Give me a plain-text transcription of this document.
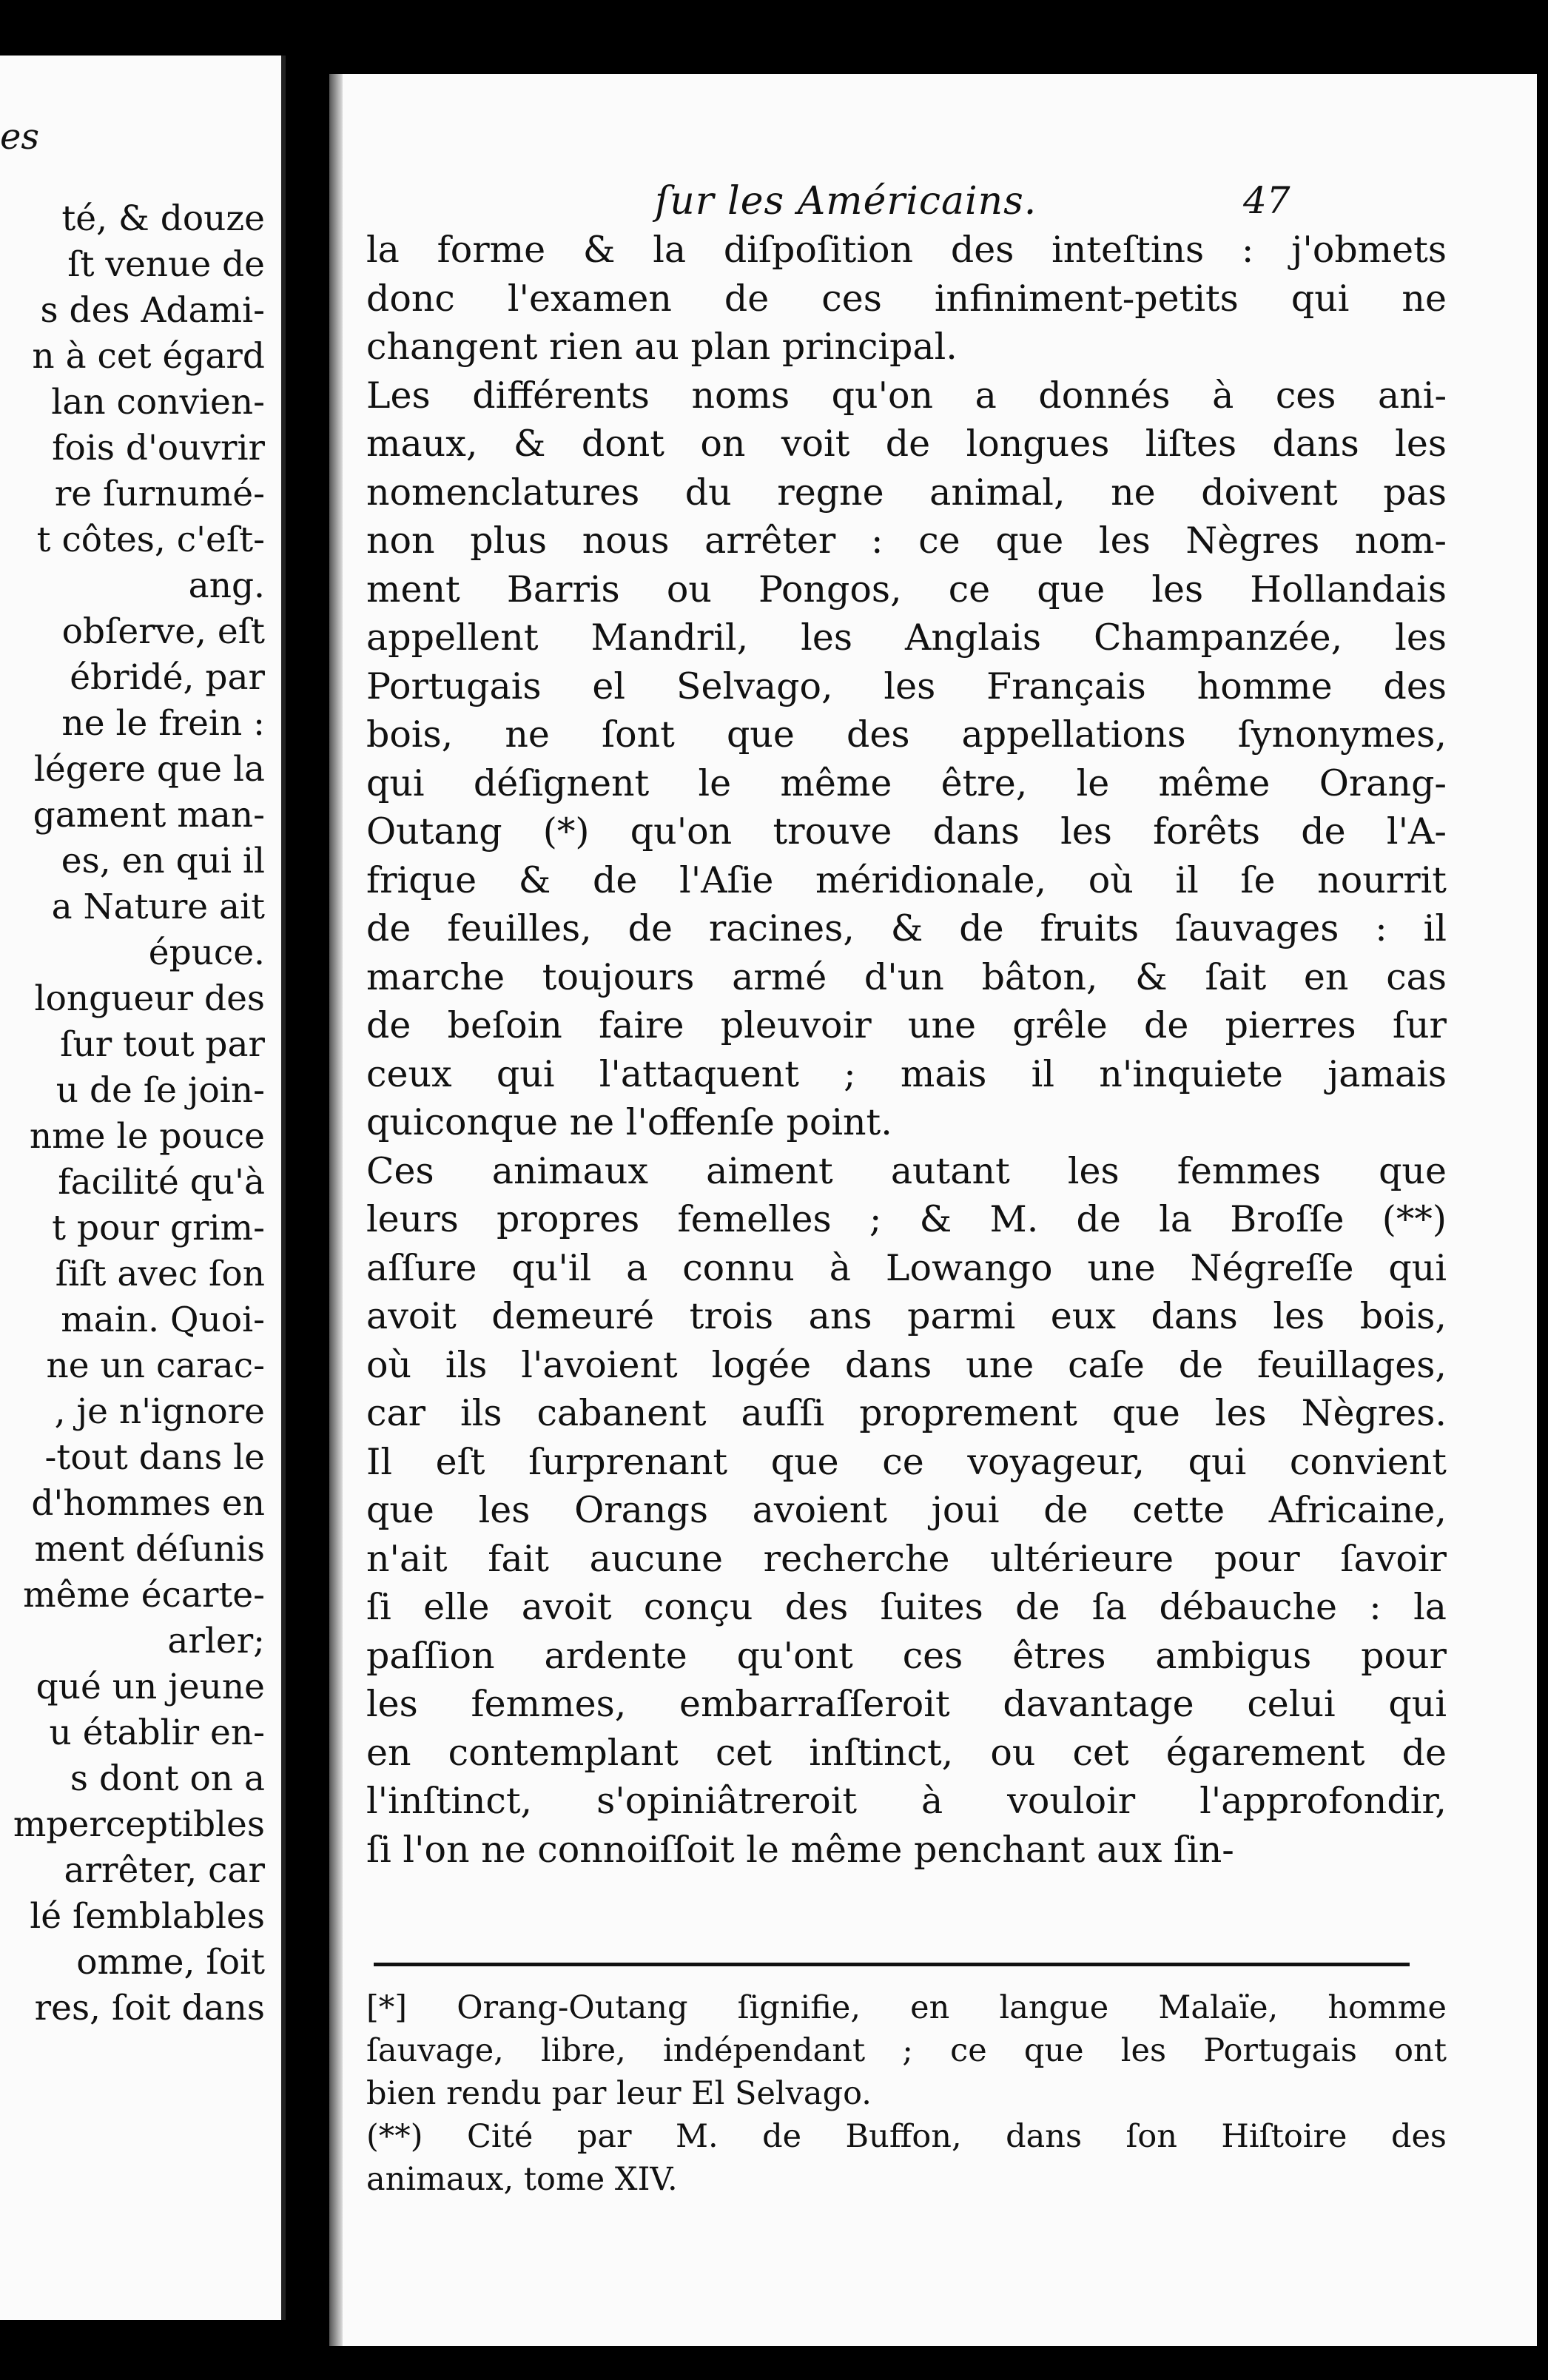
té, & douze
ſt venue de
s des Adami-
n à cet égard
lan convien-
fois d'ouvrir
re ſurnumé-
t côtes, c'eſt-
ang.
obſerve, eſt
ébridé, par
ne le frein :
légere que la
gament man-
es, en qui il
a Nature ait
épuce.
longueur des
ſur tout par
u de ſe join-
nme le pouce
facilité qu'à
t pour grim-
ſiſt avec ſon
main. Quoi-
ne un carac-
, je n'ignore
-tout dans le
d'hommes en
ment déſunis
même écarte-
arler;
qué un jeune
u établir en-
s dont on a
mperceptibles
arrêter, car
lé ſemblables
omme, ſoit
res, ſoit dans
es
ſur les Américains.	47
la forme & la diſpoſition des inteſtins : j'obmets
donc l'examen de ces infiniment-petits qui ne
changent rien au plan principal.
Les différents noms qu'on a donnés à ces ani-
maux, & dont on voit de longues liſtes dans les
nomenclatures du regne animal, ne doivent pas
non plus nous arrêter : ce que les Nègres nom-
ment Barris ou Pongos, ce que les Hollandais
appellent Mandril, les Anglais Champanzée, les
Portugais el Selvago, les Français homme des
bois, ne ſont que des appellations ſynonymes,
qui déſignent le même être, le même Orang-
Outang (*) qu'on trouve dans les forêts de l'A-
frique & de l'Aſie méridionale, où il ſe nourrit
de feuilles, de racines, & de fruits ſauvages : il
marche toujours armé d'un bâton, & ſait en cas
de beſoin faire pleuvoir une grêle de pierres ſur
ceux qui l'attaquent ; mais il n'inquiete jamais
quiconque ne l'offenſe point.
Ces animaux aiment autant les femmes que
leurs propres femelles ; & M. de la Broſſe (**)
aſſure qu'il a connu à Lowango une Négreſſe qui
avoit demeuré trois ans parmi eux dans les bois,
où ils l'avoient logée dans une caſe de feuillages,
car ils cabanent auſſi proprement que les Nègres.
Il eſt ſurprenant que ce voyageur, qui convient
que les Orangs avoient joui de cette Africaine,
n'ait fait aucune recherche ultérieure pour ſavoir
ſi elle avoit conçu des ſuites de ſa débauche : la
paſſion ardente qu'ont ces êtres ambigus pour
les femmes, embarraſſeroit davantage celui qui
en contemplant cet inſtinct, ou cet égarement de
l'inſtinct, s'opiniâtreroit à vouloir l'approfondir,
ſi l'on ne connoiſſoit le même penchant aux ſin-
[*] Orang-Outang ſignifie, en langue Malaïe, homme
ſauvage, libre, indépendant ; ce que les Portugais ont
bien rendu par leur El Selvago.
(**) Cité par M. de Buffon, dans ſon Hiſtoire des
animaux, tome XIV.
